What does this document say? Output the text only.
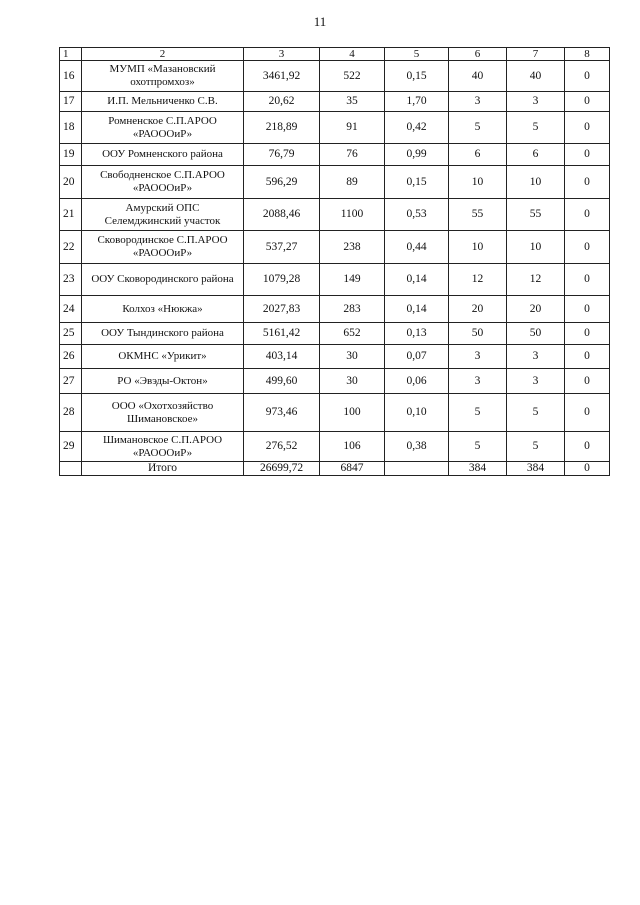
11
1	2	3	4	5	6	7	8
16	МУМП «Мазановский
охотпромхоз»	3461,92	522	0,15	40	40	0
17	И.П. Мельниченко С.В.	20,62	35	1,70	3	3	0
18	Ромненское С.П.АРОО
«РАОООиР»	218,89	91	0,42	5	5	0
19	ООУ Ромненского района	76,79	76	0,99	6	6	0
20	Свободненское С.П.АРОО
«РАОООиР»	596,29	89	0,15	10	10	0
21	Амурский ОПС
Селемджинский участок	2088,46	1100	0,53	55	55	0
22	Сковородинское С.П.АРОО
«РАОООиР»	537,27	238	0,44	10	10	0
23	ООУ Сковородинского района	1079,28	149	0,14	12	12	0
24	Колхоз «Нюкжа»	2027,83	283	0,14	20	20	0
25	ООУ Тындинского района	5161,42	652	0,13	50	50	0
26	ОКМНС «Урикит»	403,14	30	0,07	3	3	0
27	РО «Эвэды-Октон»	499,60	30	0,06	3	3	0
28	ООО «Охотхозяйство
Шимановское»	973,46	100	0,10	5	5	0
29	Шимановское С.П.АРОО
«РАОООиР»	276,52	106	0,38	5	5	0
	Итого	26699,72	6847		384	384	0
